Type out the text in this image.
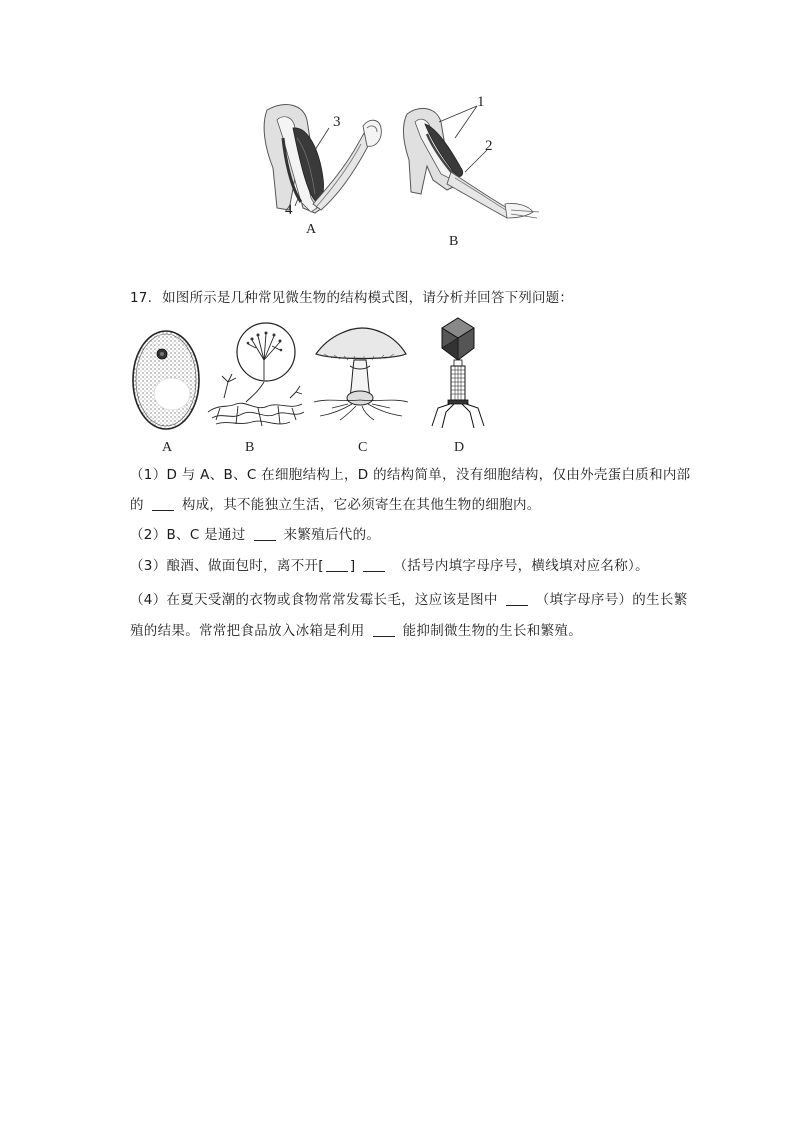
3
4
1
2
A
B
17. 如图所示是几种常见微生物的结构模式图，请分析并回答下列问题：
A	B	C	D
（1）D 与 A、B、C 在细胞结构上，D 的结构简单，没有细胞结构，仅由外壳蛋白质和内部
的	构成，其不能独立生活，它必须寄生在其他生物的细胞内。
（2）B、C 是通过	来繁殖后代的。
（3）酿酒、做面包时，离不开[ ]	（括号内填字母序号，横线填对应名称）。
（4）在夏天受潮的衣物或食物常常发霉长毛，这应该是图中	（填字母序号）的生长繁
殖的结果。常常把食品放入冰箱是利用	能抑制微生物的生长和繁殖。
